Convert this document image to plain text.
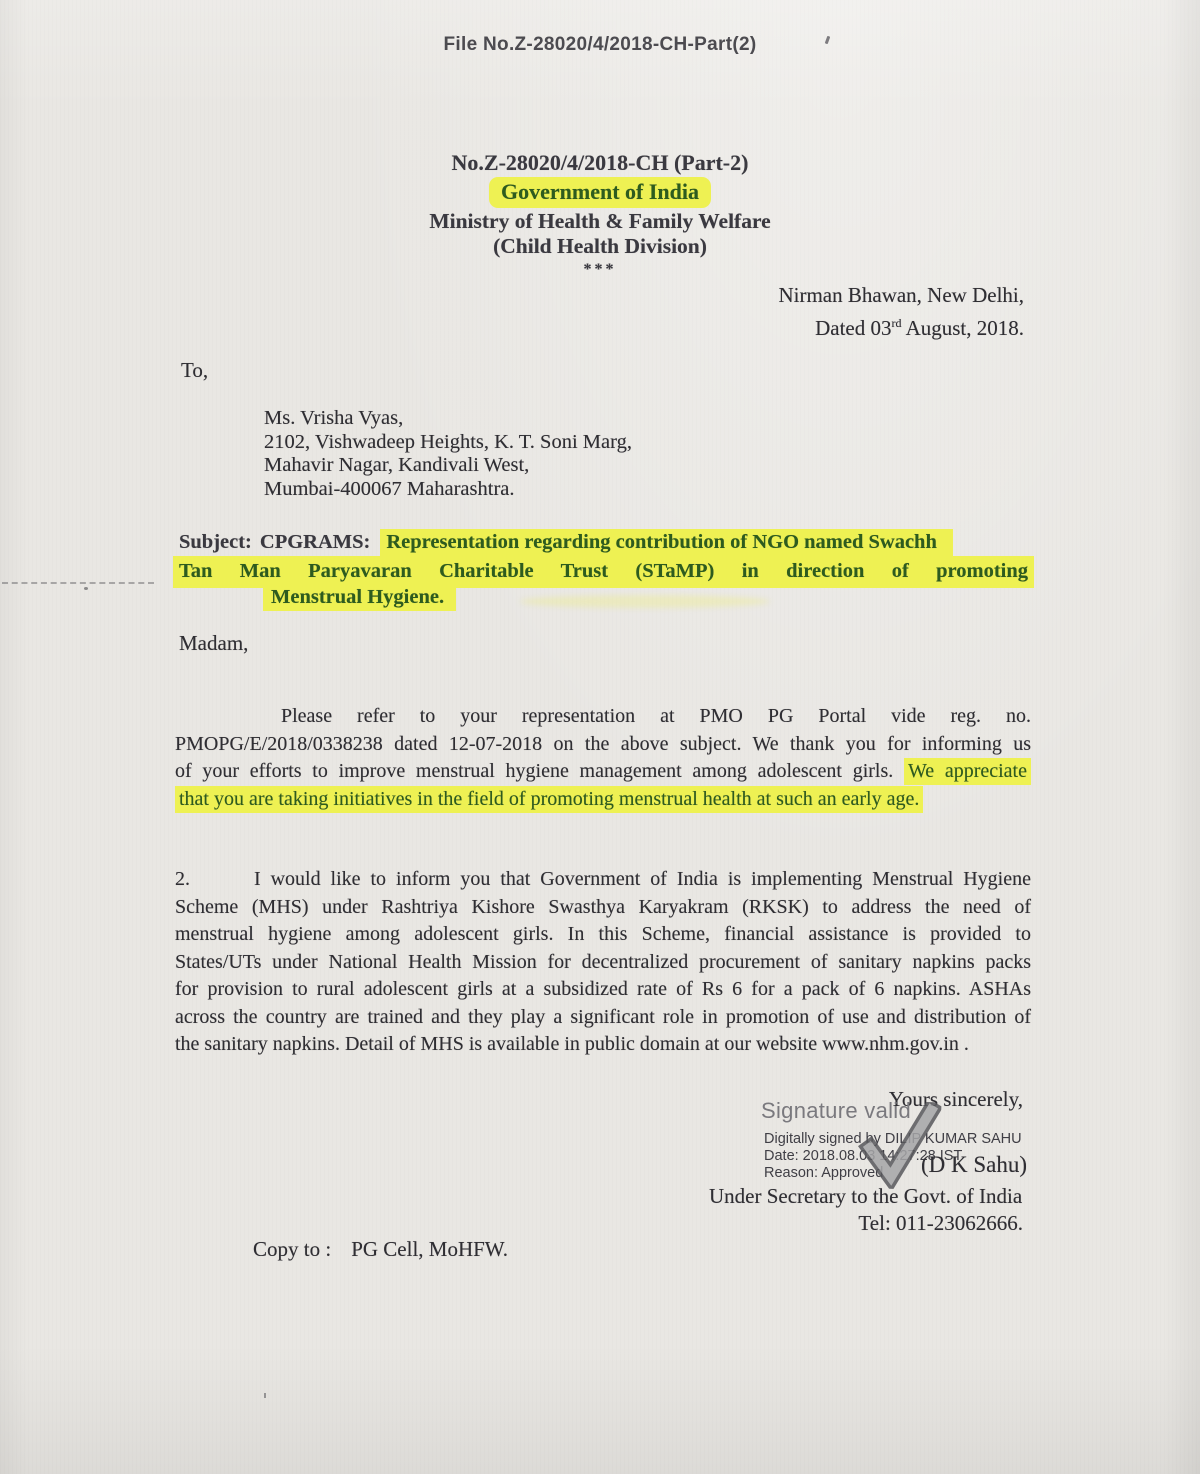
File No.Z-28020/4/2018-CH-Part(2)
No.Z-28020/4/2018-CH (Part-2)
Government of India
Ministry of Health & Family Welfare
(Child Health Division)
***
Nirman Bhawan, New Delhi,
Dated 03rd August, 2018.
To,
Ms. Vrisha Vyas,
2102, Vishwadeep Heights, K. T. Soni Marg,
Mahavir Nagar, Kandivali West,
Mumbai-400067 Maharashtra.
Subject: CPGRAMS: Representation regarding contribution of NGO named Swachh
Tan Man Paryavaran Charitable Trust (STaMP) in direction of promoting
Menstrual Hygiene.
Madam,
Please refer to your representation at PMO PG Portal vide reg. no.
PMOPG/E/2018/0338238 dated 12-07-2018 on the above subject. We thank you for informing us
of your efforts to improve menstrual hygiene management among adolescent girls. We appreciate
that you are taking initiatives in the field of promoting menstrual health at such an early age.
2.	I would like to inform you that Government of India is implementing Menstrual Hygiene
Scheme (MHS) under Rashtriya Kishore Swasthya Karyakram (RKSK) to address the need of
menstrual hygiene among adolescent girls. In this Scheme, financial assistance is provided to
States/UTs under National Health Mission for decentralized procurement of sanitary napkins packs
for provision to rural adolescent girls at a subsidized rate of Rs 6 for a pack of 6 napkins. ASHAs
across the country are trained and they play a significant role in promotion of use and distribution of
the sanitary napkins. Detail of MHS is available in public domain at our website www.nhm.gov.in .
Yours sincerely,
Signature valid
Digitally signed by DILIP KUMAR SAHU
Date: 2018.08.03 14:27:28 IST
Reason: Approved	(D K Sahu)
Under Secretary to the Govt. of India
Tel: 011-23062666.
Copy to : PG Cell, MoHFW.
